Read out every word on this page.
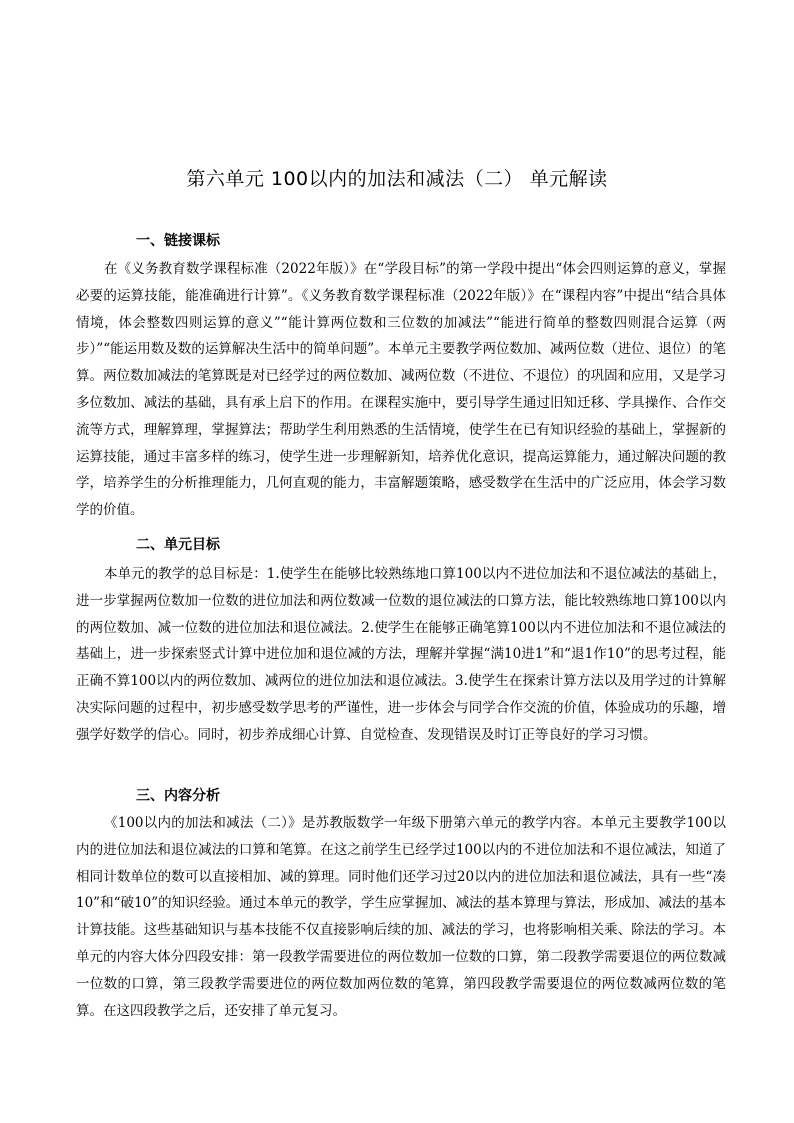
第六单元 100以内的加法和减法（二） 单元解读
一、链接课标
在《义务教育数学课程标准（2022年版）》在“学段目标”的第一学段中提出“体会四则运算的意义，掌握必要的运算技能，能准确进行计算”。《义务教育数学课程标准（2022年版）》在“课程内容”中提出“结合具体情境，体会整数四则运算的意义”“能计算两位数和三位数的加减法”“能进行简单的整数四则混合运算（两步）”“能运用数及数的运算解决生活中的简单问题”。本单元主要教学两位数加、减两位数（进位、退位）的笔算。两位数加减法的笔算既是对已经学过的两位数加、减两位数（不进位、不退位）的巩固和应用，又是学习多位数加、减法的基础，具有承上启下的作用。在课程实施中，要引导学生通过旧知迁移、学具操作、合作交流等方式，理解算理，掌握算法；帮助学生利用熟悉的生活情境，使学生在已有知识经验的基础上，掌握新的运算技能，通过丰富多样的练习，使学生进一步理解新知，培养优化意识，提高运算能力，通过解决问题的教学，培养学生的分析推理能力，几何直观的能力，丰富解题策略，感受数学在生活中的广泛应用，体会学习数学的价值。
二、单元目标
本单元的教学的总目标是：1.使学生在能够比较熟练地口算100以内不进位加法和不退位减法的基础上，进一步掌握两位数加一位数的进位加法和两位数减一位数的退位减法的口算方法，能比较熟练地口算100以内的两位数加、减一位数的进位加法和退位减法。2.使学生在能够正确笔算100以内不进位加法和不退位减法的基础上，进一步探索竖式计算中进位加和退位减的方法，理解并掌握“满10进1”和“退1作10”的思考过程，能正确不算100以内的两位数加、减两位的进位加法和退位减法。3.使学生在探索计算方法以及用学过的计算解决实际问题的过程中，初步感受数学思考的严谨性，进一步体会与同学合作交流的价值，体验成功的乐趣，增强学好数学的信心。同时，初步养成细心计算、自觉检查、发现错误及时订正等良好的学习习惯。
三、内容分析
《100以内的加法和减法（二）》是苏教版数学一年级下册第六单元的教学内容。本单元主要教学100以内的进位加法和退位减法的口算和笔算。在这之前学生已经学过100以内的不进位加法和不退位减法，知道了相同计数单位的数可以直接相加、减的算理。同时他们还学习过20以内的进位加法和退位减法，具有一些“凑10”和“破10”的知识经验。通过本单元的教学，学生应掌握加、减法的基本算理与算法，形成加、减法的基本计算技能。这些基础知识与基本技能不仅直接影响后续的加、减法的学习，也将影响相关乘、除法的学习。本单元的内容大体分四段安排：第一段教学需要进位的两位数加一位数的口算，第二段教学需要退位的两位数减一位数的口算，第三段教学需要进位的两位数加两位数的笔算，第四段教学需要退位的两位数减两位数的笔算。在这四段教学之后，还安排了单元复习。
